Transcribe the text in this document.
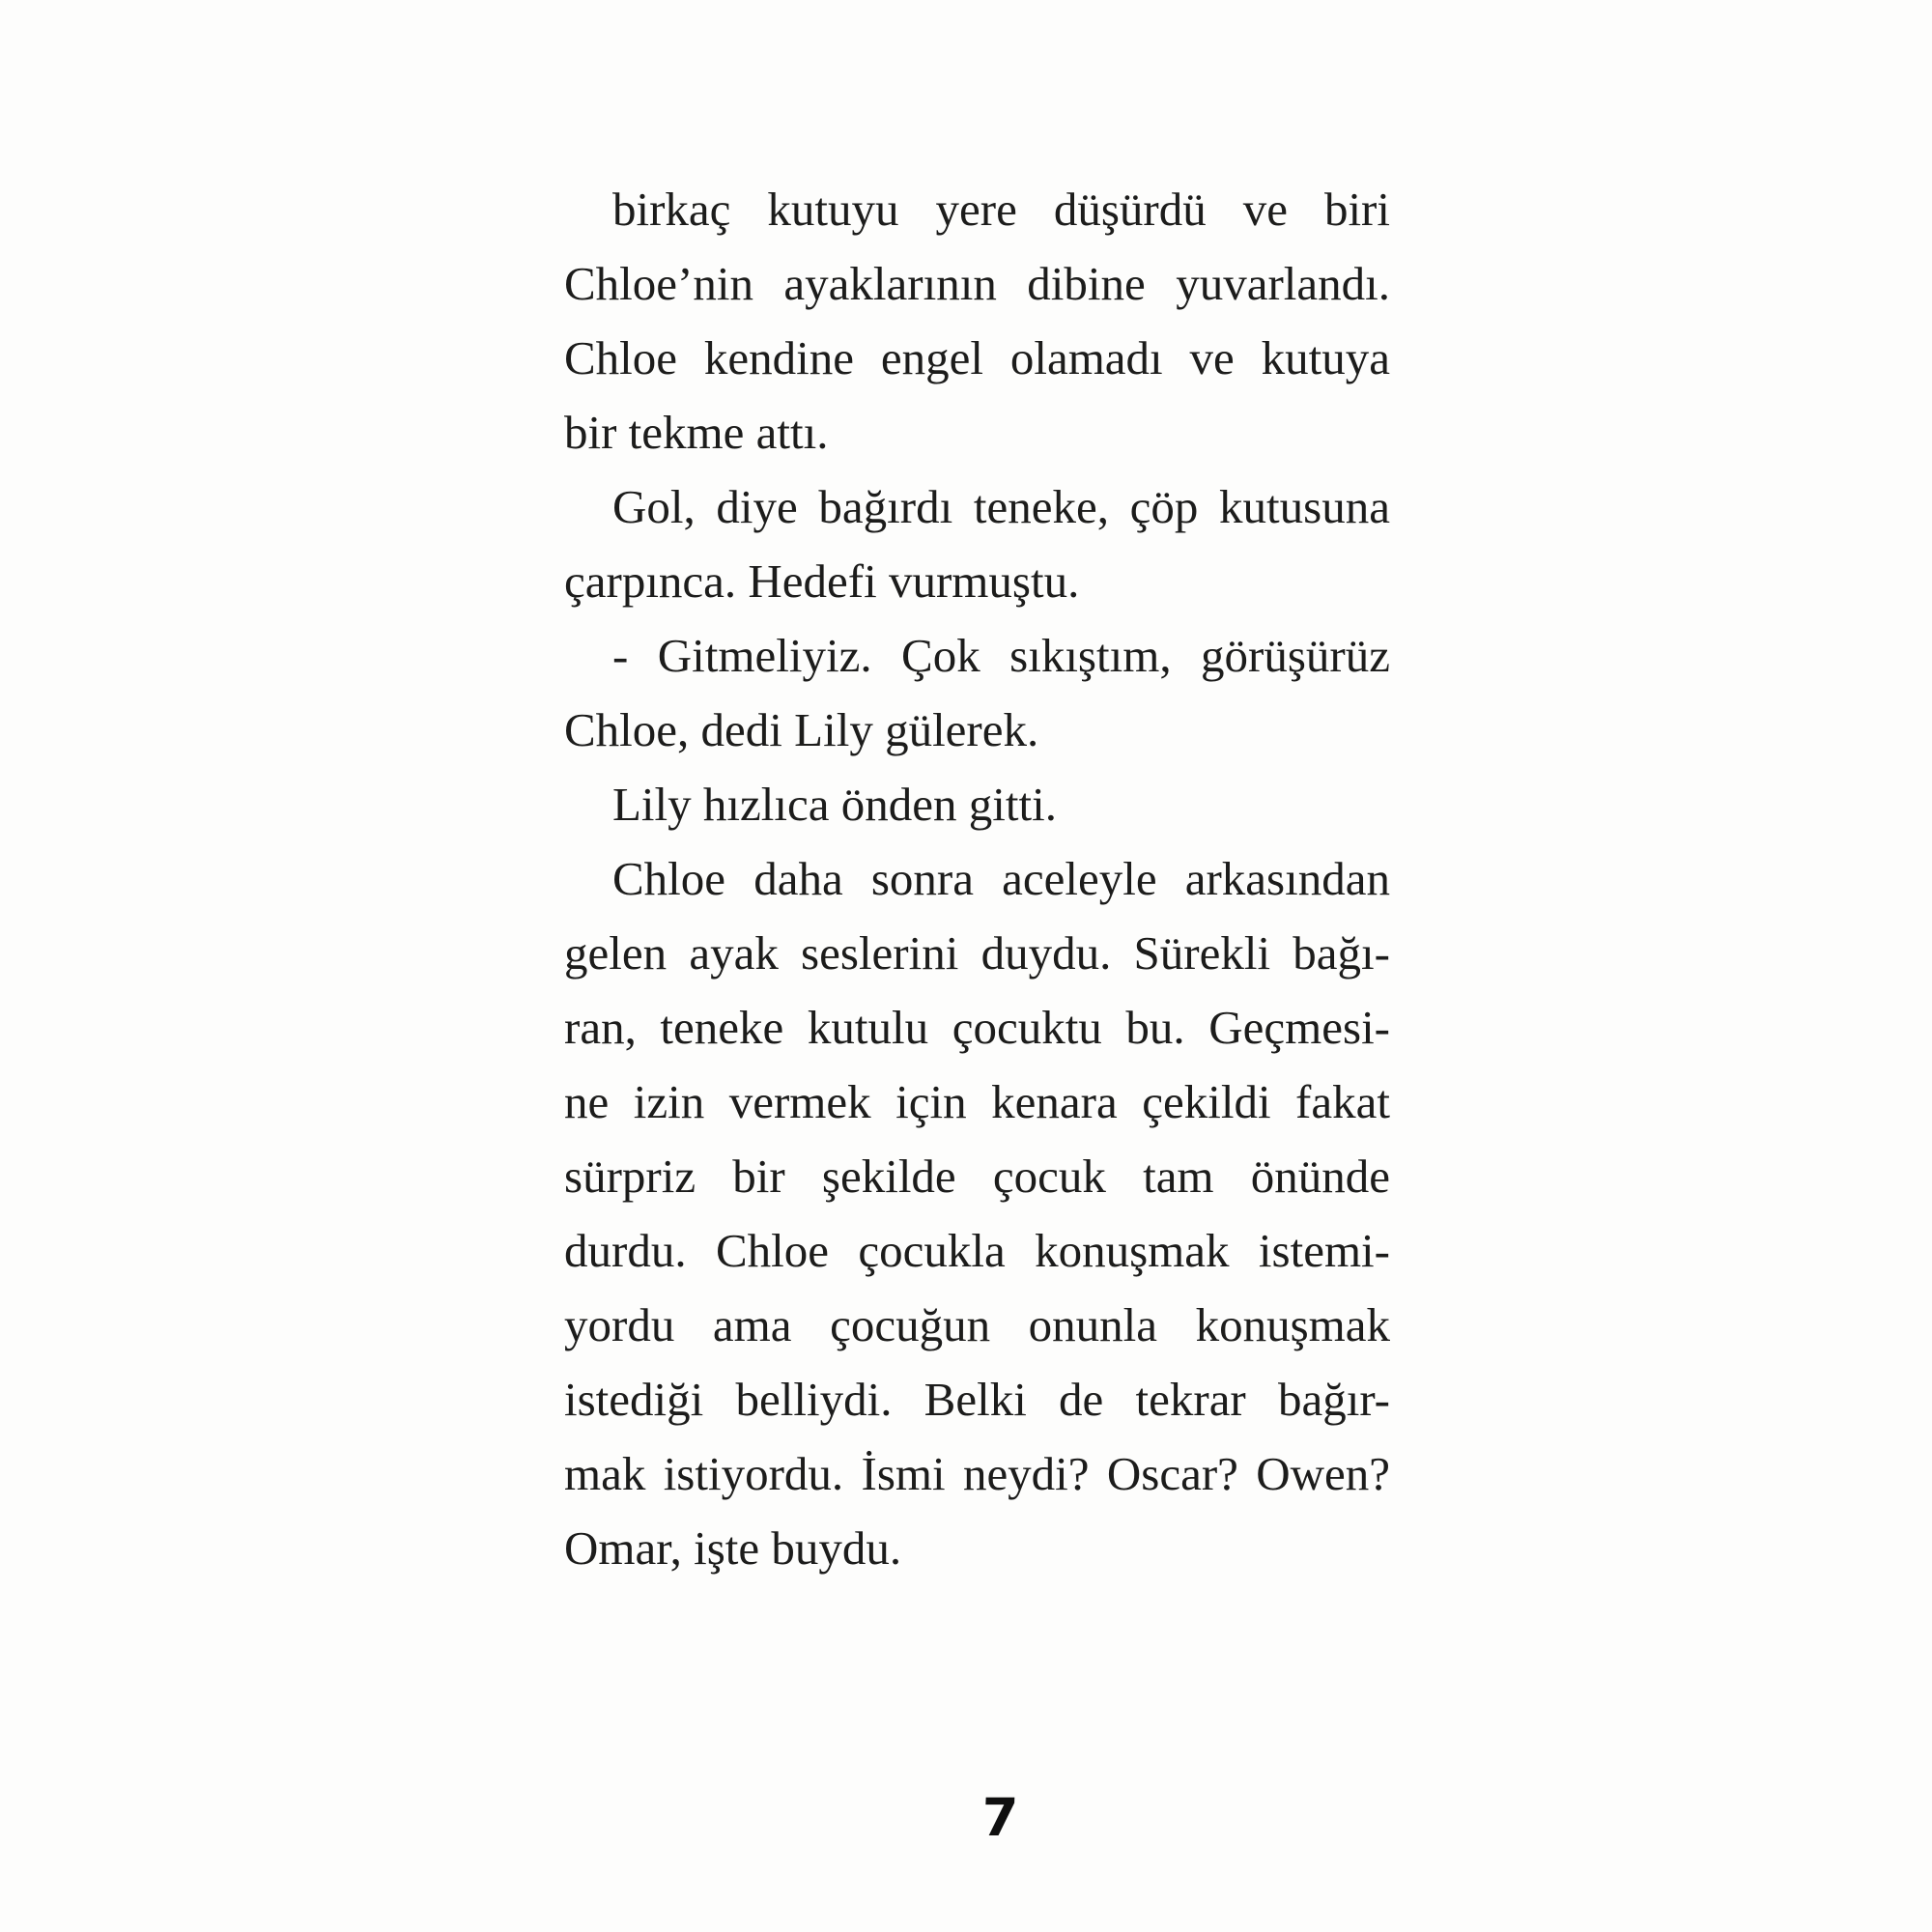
birkaç kutuyu yere düşürdü ve biri

Chloe’nin ayaklarının dibine yuvarlandı.

Chloe kendine engel olamadı ve kutuya

bir tekme attı.

Gol, diye bağırdı teneke, çöp kutusuna

çarpınca. Hedefi vurmuştu.

- Gitmeliyiz. Çok sıkıştım, görüşürüz

Chloe, dedi Lily gülerek.

Lily hızlıca önden gitti.

Chloe daha sonra aceleyle arkasından

gelen ayak seslerini duydu. Sürekli bağı-

ran, teneke kutulu çocuktu bu. Geçmesi-

ne izin vermek için kenara çekildi fakat

sürpriz bir şekilde çocuk tam önünde

durdu. Chloe çocukla konuşmak istemi-

yordu ama çocuğun onunla konuşmak

istediği belliydi. Belki de tekrar bağır-

mak istiyordu. İsmi neydi? Oscar? Owen?

Omar, işte buydu.

7
